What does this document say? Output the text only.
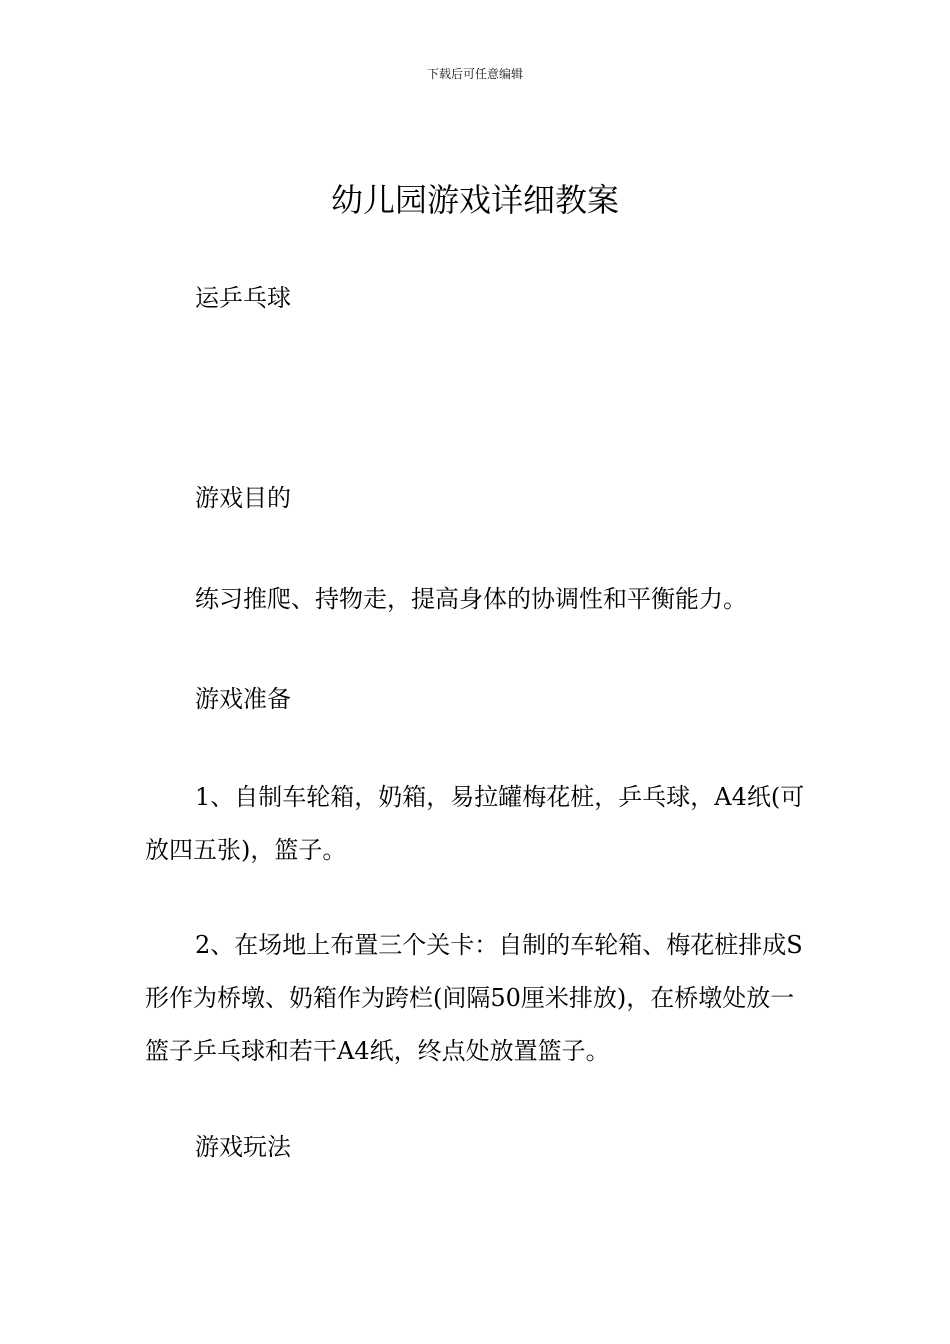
下载后可任意编辑
幼儿园游戏详细教案

运乒乓球

游戏目的

练习推爬、持物走，提高身体的协调性和平衡能力。

游戏准备

1、自制车轮箱，奶箱，易拉罐梅花桩，乒乓球，A4纸(可放四五张)，篮子。

2、在场地上布置三个关卡：自制的车轮箱、梅花桩排成S形作为桥墩、奶箱作为跨栏(间隔50厘米排放)，在桥墩处放一篮子乒乓球和若干A4纸，终点处放置篮子。

游戏玩法
